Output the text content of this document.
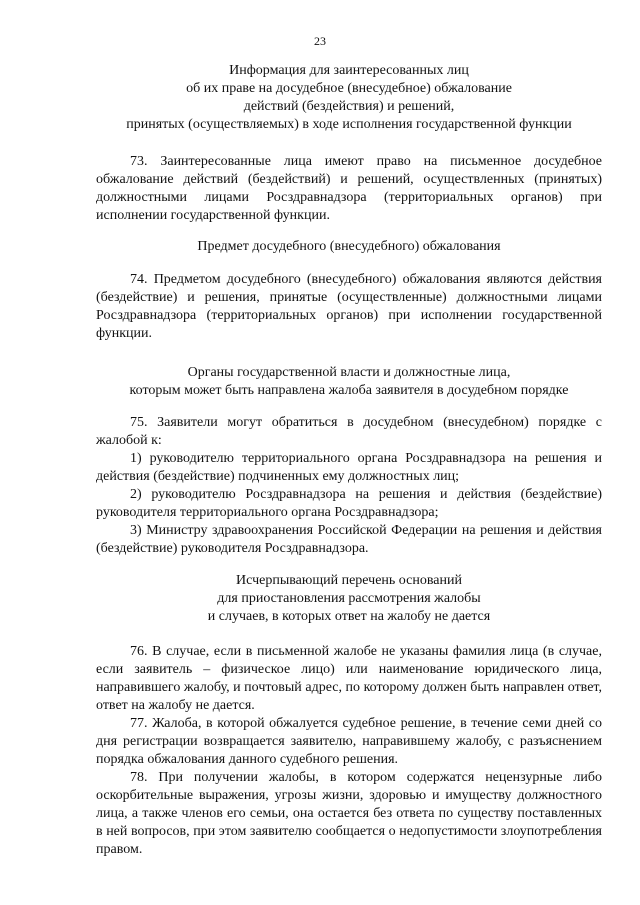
23
Информация для заинтересованных лиц
об их праве на досудебное (внесудебное) обжалование
действий (бездействия) и решений,
принятых (осуществляемых) в ходе исполнения государственной функции

73. Заинтересованные лица имеют право на письменное досудебное обжалование действий (бездействий) и решений, осуществленных (принятых) должностными лицами Росздравнадзора (территориальных органов) при исполнении государственной функции.

Предмет досудебного (внесудебного) обжалования

74. Предметом досудебного (внесудебного) обжалования являются действия (бездействие) и решения, принятые (осуществленные) должностными лицами Росздравнадзора (территориальных органов) при исполнении государственной функции.

Органы государственной власти и должностные лица,
которым может быть направлена жалоба заявителя в досудебном порядке

75. Заявители могут обратиться в досудебном (внесудебном) порядке с жалобой к:

1) руководителю территориального органа Росздравнадзора на решения и действия (бездействие) подчиненных ему должностных лиц;

2) руководителю Росздравнадзора на решения и действия (бездействие) руководителя территориального органа Росздравнадзора;

3) Министру здравоохранения Российской Федерации на решения и действия (бездействие) руководителя Росздравнадзора.

Исчерпывающий перечень оснований
для приостановления рассмотрения жалобы
и случаев, в которых ответ на жалобу не дается

76. В случае, если в письменной жалобе не указаны фамилия лица (в случае, если заявитель – физическое лицо) или наименование юридического лица, направившего жалобу, и почтовый адрес, по которому должен быть направлен ответ, ответ на жалобу не дается.

77. Жалоба, в которой обжалуется судебное решение, в течение семи дней со дня регистрации возвращается заявителю, направившему жалобу, с разъяснением порядка обжалования данного судебного решения.

78. При получении жалобы, в котором содержатся нецензурные либо оскорбительные выражения, угрозы жизни, здоровью и имуществу должностного лица, а также членов его семьи, она остается без ответа по существу поставленных в ней вопросов, при этом заявителю сообщается о недопустимости злоупотребления правом.
